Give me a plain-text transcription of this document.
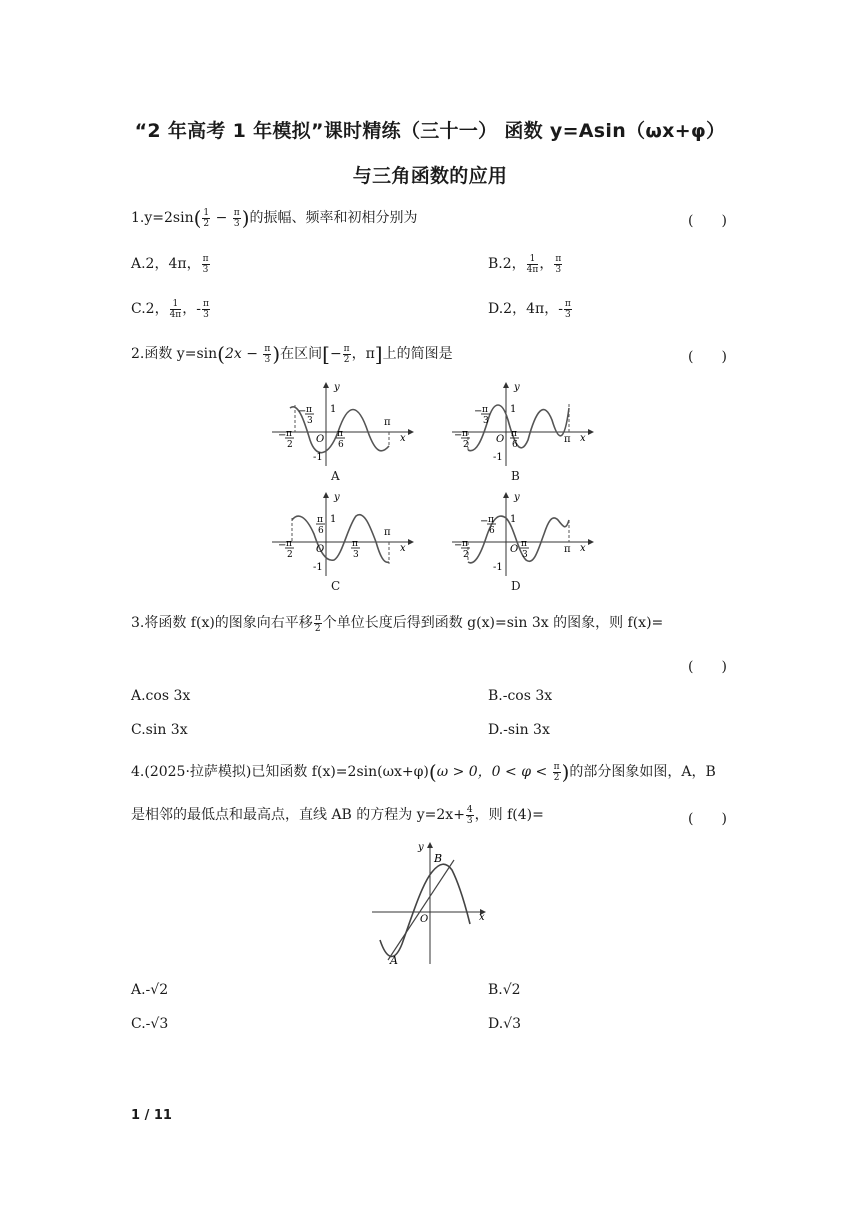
“2 年高考 1 年模拟”课时精练（三十一） 函数 y=Asin（ωx+φ）
与三角函数的应用
$1.y=2\sin( \frac{1}{2} - \frac{\pi}{3}$ )的振幅、频率和初相分别为	(　　)
A.2，4π， $\frac{\pi}{3}$	B.2， $\frac{1}{4\pi}$ ， $\frac{\pi}{3}$
C.2， $\frac{1}{4\pi}$ ，- $\frac{\pi}{3}$	D.2，4π，- $\frac{\pi}{3}$
2.函数 $y=\sin(2x - \frac{\pi}{3}$ )在区间[− $\frac{\pi}{2}$ ，π]上的简图是	(　　)
y
x
O
1
-1
π
− π
2
− π
3
π
6
A
y
x
O
1
-1
π
− π
2
− π
3
π
6
B
y
x
O
1
-1
π
− π
2
π
6
π
3
C
y
x
O
1
-1
π
− π
2
− π
6
π
3
D
3.将函数 f(x)的图象向右平移 $\frac{\pi}{2}$ 个单位长度后得到函数 g(x)=sin 3x 的图象，则 f(x)=
(　　)
A.cos 3x	B.-cos 3x
C.sin 3x	D.-sin 3x
4.(2025·拉萨模拟)已知函数 f(x)=2sin(ωx+φ)(ω > 0，$0 < \varphi < \frac{\pi}{2}$ )的部分图象如图，A，B
是相邻的最低点和最高点，直线 AB 的方程为 $y=2x+ \frac{4}{3}$ ，则 f(4)=	(　　)
y
x
O
A
B
A.-√2	B.√2
C.-√3	D.√3
1 / 11
